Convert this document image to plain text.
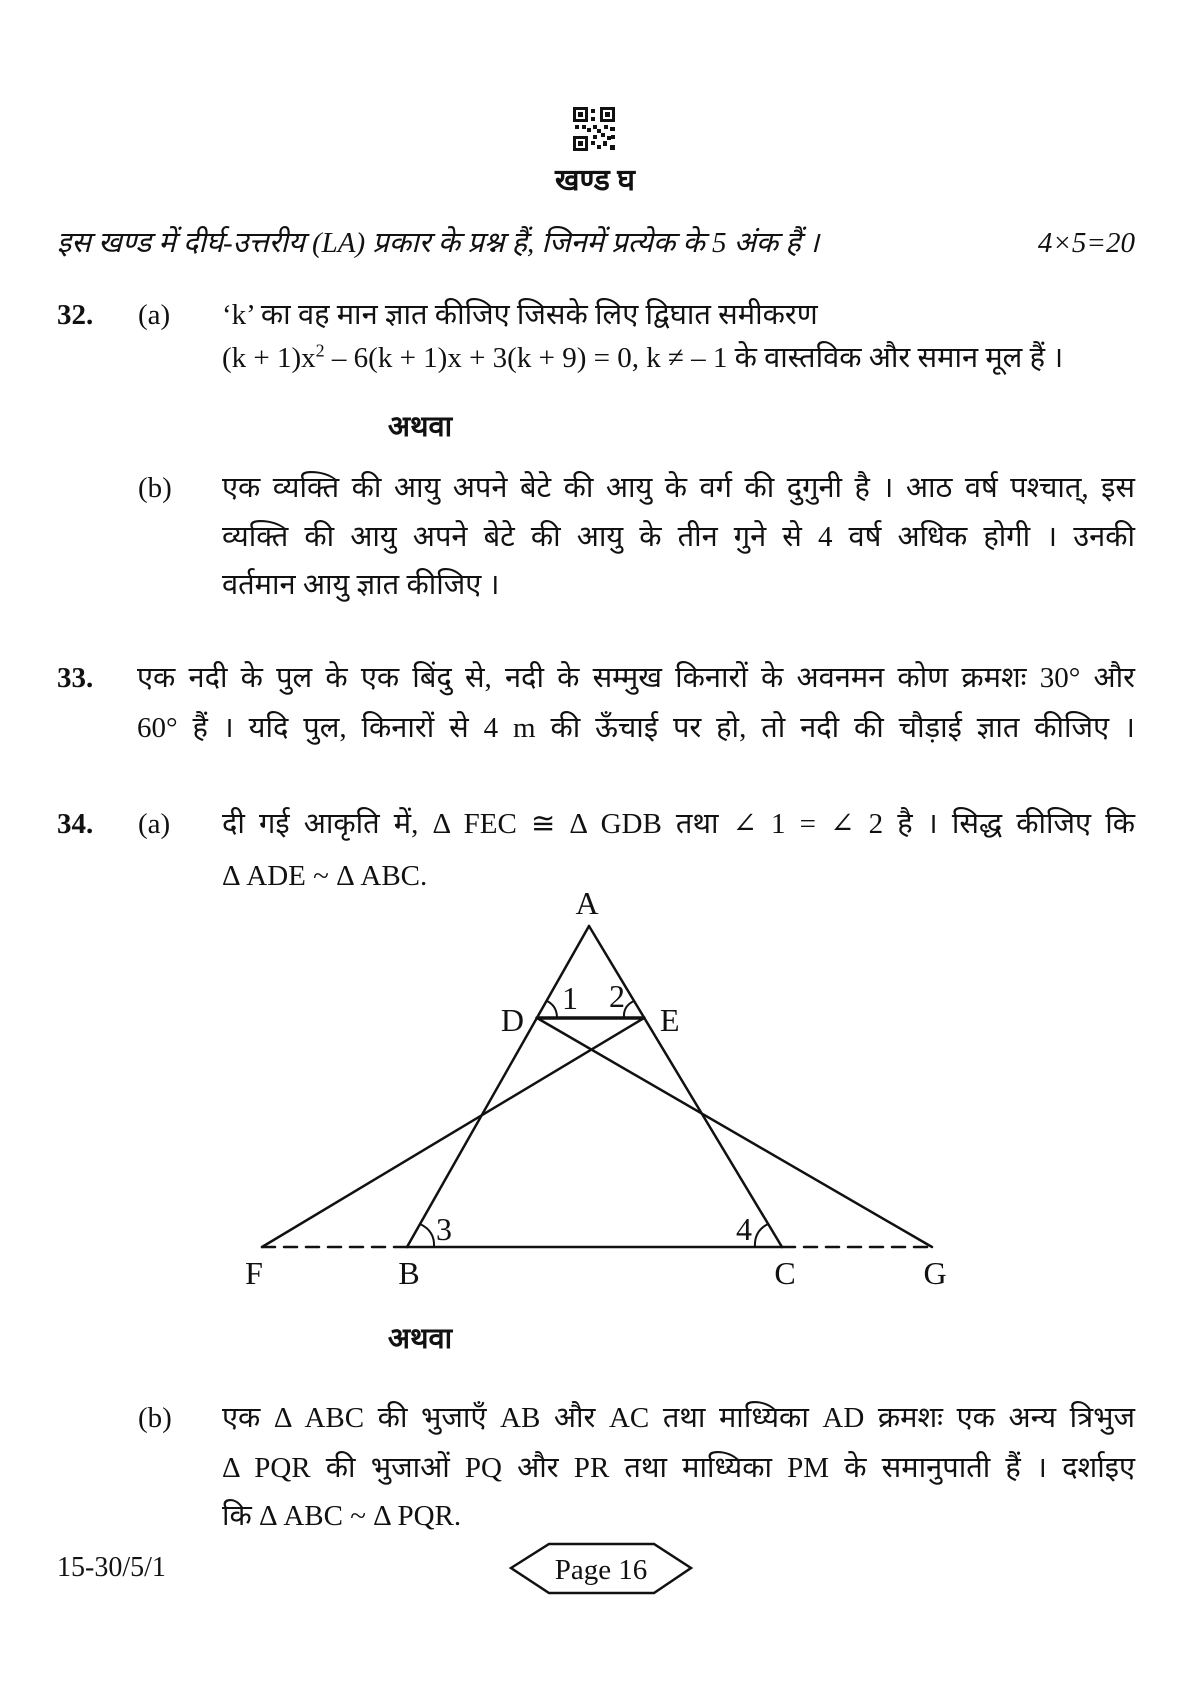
खण्ड घ
इस खण्ड में दीर्घ-उत्तरीय (LA) प्रकार के प्रश्न हैं, जिनमें प्रत्येक के 5 अंक हैं ।	4×5=20
32. (a) ‘k’ का वह मान ज्ञात कीजिए जिसके लिए द्विघात समीकरण
$(k + 1)x^2 - 6(k + 1)x + 3(k + 9) = 0$, k ≠ – 1 के वास्तविक और समान मूल हैं ।
अथवा
(b) एक व्यक्ति की आयु अपने बेटे की आयु के वर्ग की दुगुनी है । आठ वर्ष पश्चात्, इस
व्यक्ति की आयु अपने बेटे की आयु के तीन गुने से 4 वर्ष अधिक होगी । उनकी
वर्तमान आयु ज्ञात कीजिए ।
33. एक नदी के पुल के एक बिंदु से, नदी के सम्मुख किनारों के अवनमन कोण क्रमशः 30° और
60° हैं । यदि पुल, किनारों से 4 m की ऊँचाई पर हो, तो नदी की चौड़ाई ज्ञात कीजिए ।
34. (a) दी गई आकृति में, Δ FEC ≅ Δ GDB तथा ∠ 1 = ∠ 2 है । सिद्ध कीजिए कि
Δ ADE ~ Δ ABC.
A
D	E
F	B	C	G
1 2
3	4
अथवा
(b) एक Δ ABC की भुजाएँ AB और AC तथा माध्यिका AD क्रमशः एक अन्य त्रिभुज
Δ PQR की भुजाओं PQ और PR तथा माध्यिका PM के समानुपाती हैं । दर्शाइए
कि Δ ABC ~ Δ PQR.
15-30/5/1	Page 16
